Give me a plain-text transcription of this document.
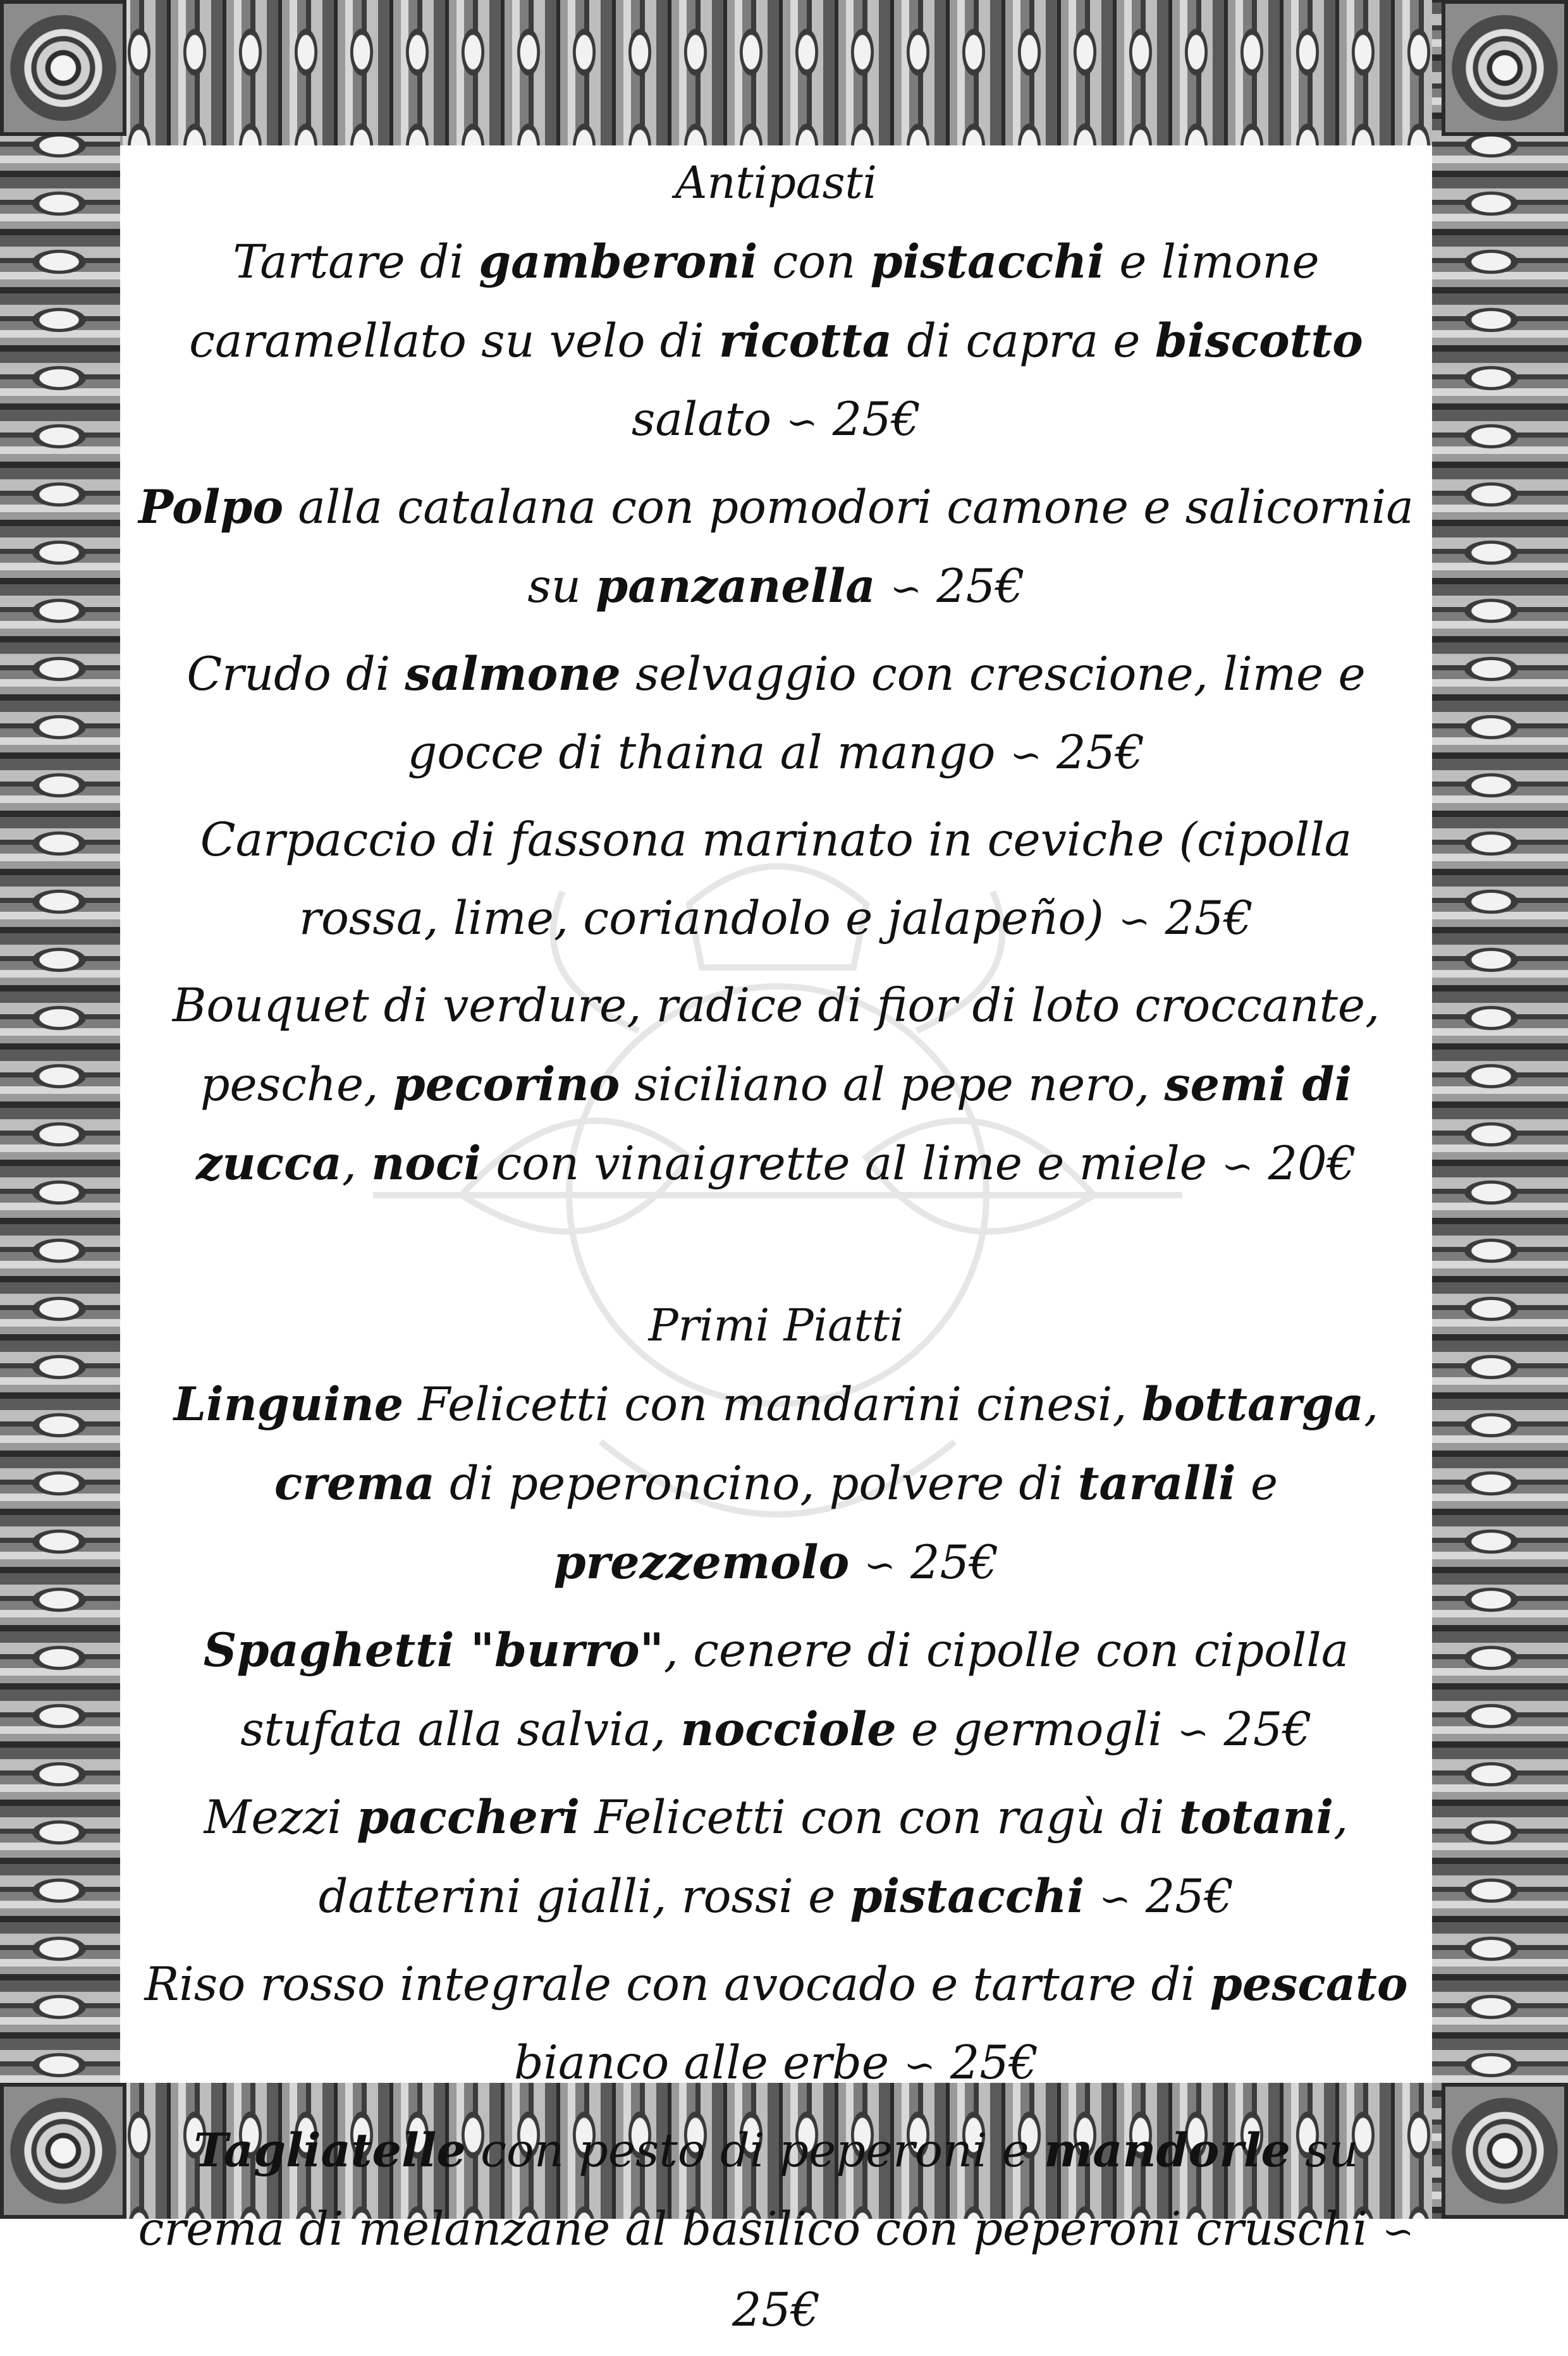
Antipasti
Tartare di gamberoni con pistacchi e limone caramellato su velo di ricotta di capra e biscotto salato ∽ 25€
Polpo alla catalana con pomodori camone e salicornia su panzanella ∽ 25€
Crudo di salmone selvaggio con crescione, lime e gocce di thaina al mango ∽ 25€
Carpaccio di fassona marinato in ceviche (cipolla rossa, lime, coriandolo e jalapeño) ∽ 25€
Bouquet di verdure, radice di fior di loto croccante, pesche, pecorino siciliano al pepe nero, semi di zucca, noci con vinaigrette al lime e miele ∽ 20€
Primi Piatti
Linguine Felicetti con mandarini cinesi, bottarga, crema di peperoncino, polvere di taralli e prezzemolo ∽ 25€
Spaghetti "burro", cenere di cipolle con cipolla stufata alla salvia, nocciole e germogli ∽ 25€
Mezzi paccheri Felicetti con con ragù di totani, datterini gialli, rossi e pistacchi ∽ 25€
Riso rosso integrale con avocado e tartare di pescato bianco alle erbe ∽ 25€
Tagliatelle con pesto di peperoni e mandorle su crema di melanzane al basilico con peperoni cruschi ∽ 25€
